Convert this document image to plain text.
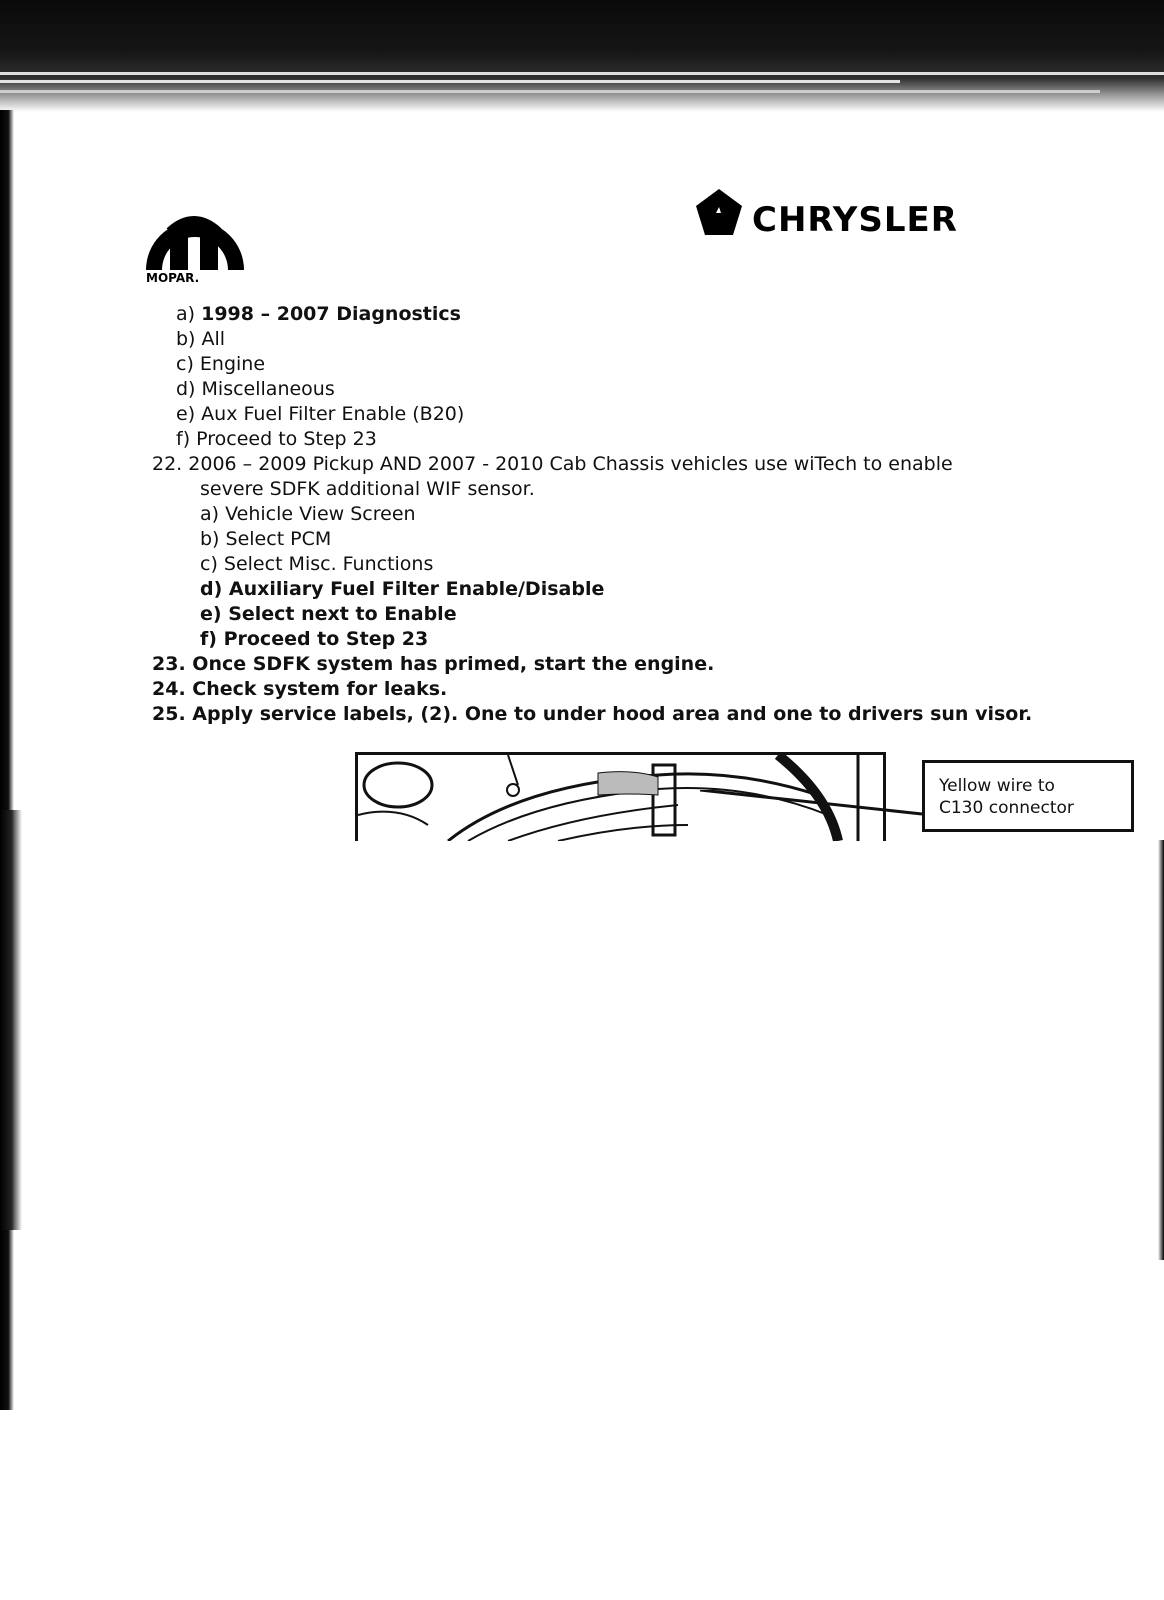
MOPAR.
CHRYSLER
a) 1998 – 2007 Diagnostics
b) All
c) Engine
d) Miscellaneous
e) Aux Fuel Filter Enable (B20)
f) Proceed to Step 23
22. 2006 – 2009 Pickup AND 2007 - 2010 Cab Chassis vehicles use wiTech to enable
severe SDFK additional WIF sensor.
a) Vehicle View Screen
b) Select PCM
c) Select Misc. Functions
d) Auxiliary Fuel Filter Enable/Disable
e) Select next to Enable
f) Proceed to Step 23
23. Once SDFK system has primed, start the engine.
24. Check system for leaks.
25. Apply service labels, (2). One to under hood area and one to drivers sun visor.
Yellow wire to
C130 connector
